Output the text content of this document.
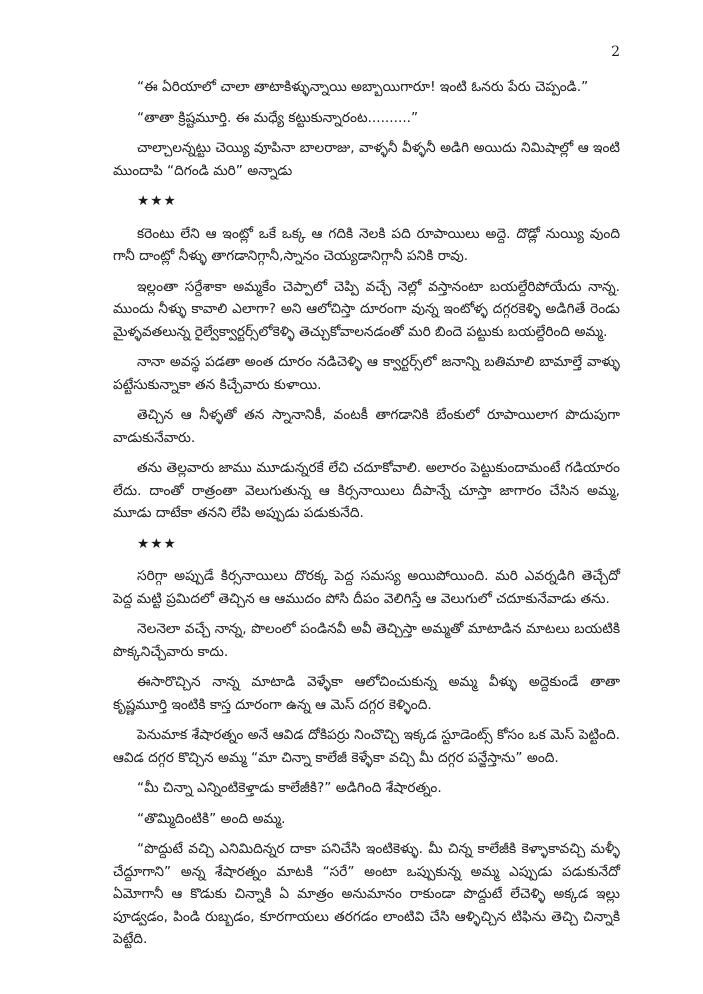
2

“ఈ ఏరియాలో చాలా తాటాకిళ్ళున్నాయి అబ్బాయిగారూ! ఇంటి ఓనరు పేరు చెప్పండి.”

“తాతా క్రిష్టమూర్తి. ఈ మధ్యే కట్టుకున్నారంట..........”

చాల్చాలన్నట్టు చెయ్యి వూపినా బాలరాజు, వాళ్ళనీ వీళ్ళనీ అడిగి అయిదు నిమిషాల్లో ఆ ఇంటి ముందాపి “దిగండి మరి” అన్నాడు

★★★

కరెంటు లేని ఆ ఇంట్లో ఒకే ఒక్క ఆ గదికి నెలకి పది రూపాయిలు అద్దె. దొడ్లో నుయ్యి వుంది గానీ దాంట్లో నీళ్ళు తాగడానిగ్గానీ,స్నానం చెయ్యడానిగ్గానీ పనికి రావు.

ఇల్లంతా సర్దేశాకా అమ్మకేం చెప్పాలో చెప్పి వచ్చే నెల్లో వస్తానంటా బయల్దేరిపోయేదు నాన్న. ముందు నీళ్ళు కావాలి ఎలాగా? అని ఆలోచిస్తా దూరంగా వున్న ఇంటోళ్ళ దగ్గరకెళ్ళి అడిగితే రెండు మైళ్ళవతలున్న రైల్వేక్వార్టర్స్‌లోకెళ్ళి తెచ్చుకోవాలనడంతో మరి బిందె పట్టుకు బయల్దేరింది అమ్మ.

నానా అవస్థ పడతా అంత దూరం నడిచెళ్ళి ఆ క్వార్టర్స్‌లో జనాన్ని బతిమాలి బామాల్తే వాళ్ళు పట్టేసుకున్నాకా తన కిచ్చేవారు కుళాయి.

తెచ్చిన ఆ నీళ్ళతో తన స్నానానికీ, వంటకీ తాగడానికి బేంకులో రూపాయిలాగ పొదుపుగా వాడుకునేవారు.

తను తెల్లవారు జాము మూడున్నరకే లేచి చదూకోవాలి. అలారం పెట్టుకుందామంటే గడియారం లేదు. దాంతో రాత్రంతా వెలుగుతున్న ఆ కిర్సనాయిలు దీపాన్నే చూస్తా జాగారం చేసిన అమ్మ, మూడు దాటేకా తనని లేపి అప్పుడు పడుకునేది.

★★★

సరిగ్గా అప్పుడే కిర్సనాయిలు దొరక్క పెద్ద సమస్య అయిపోయింది. మరి ఎవర్నడిగి తెచ్చేదో పెద్ద మట్టి ప్రమిదలో తెచ్చిన ఆ ఆముదం పోసి దీపం వెలిగిస్తే ఆ వెలుగులో చదూకునేవాడు తను.

నెలనెలా వచ్చే నాన్న, పొలంలో పండినవీ అవీ తెచ్చిస్తా అమ్మతో మాటాడిన మాటలు బయటికి పొక్కనిచ్చేవారు కాదు.

ఈసారొచ్చిన నాన్న మాటాడి వెళ్ళేకా ఆలోచించుకున్న అమ్మ వీళ్ళు అద్దెకుండే తాతా కృష్ణమూర్తి ఇంటికి కాస్త దూరంగా ఉన్న ఆ మెస్ దగ్గర కెళ్ళింది.

పెనుమాక శేషారత్నం అనే ఆవిడ దోకిపర్రు నించొచ్చి ఇక్కడ స్టూడెంట్స్ కోసం ఒక మెస్ పెట్టింది. ఆవిడ దగ్గర కొచ్చిన అమ్మ “మా చిన్నా కాలేజీ కెళ్ళేకా వచ్చి మీ దగ్గర పన్జేస్తాను” అంది.

“మీ చిన్నా ఎన్నింటికెళ్తాడు కాలేజీకి?” అడిగింది శేషారత్నం.

“తొమ్మిదింటికి” అంది అమ్మ.

“పొద్దుటే వచ్చి ఎనిమిదిన్నర దాకా పనిచేసి ఇంటికెళ్ళు. మీ చిన్న కాలేజీకి కెళ్ళాకావచ్చి మళ్ళీ చేద్దూగాని” అన్న శేషారత్నం మాటకి “సరే” అంటా ఒప్పుకున్న అమ్మ ఎప్పుడు పడుకునేదో ఏమోగానీ ఆ కొడుకు చిన్నాకి ఏ మాత్రం అనుమానం రాకుండా పొద్దుటే లేచెళ్ళి అక్కడ ఇల్లు పూడ్వడం, పిండి రుబ్బడం, కూరగాయలు తరగడం లాంటివి చేసి ఆళ్ళిచ్చిన టిఫిను తెచ్చి చిన్నాకి పెట్టేది.
